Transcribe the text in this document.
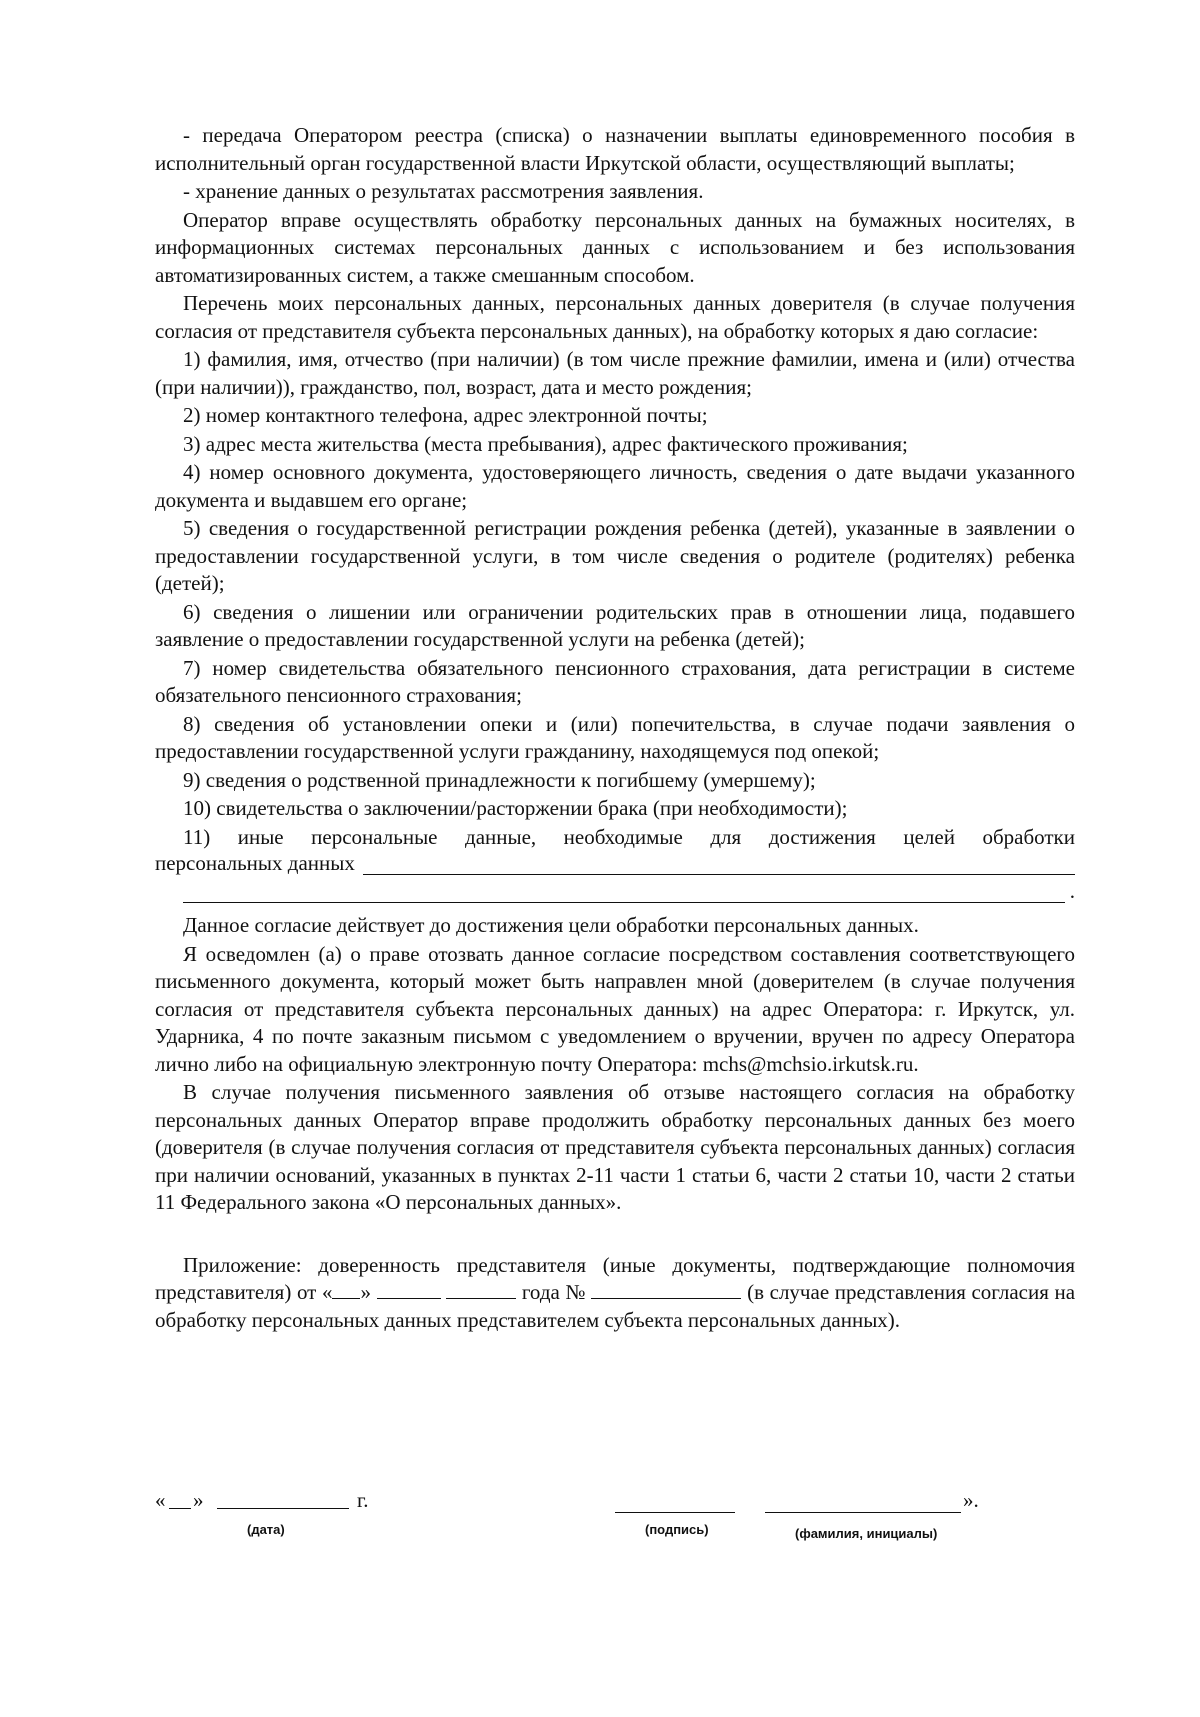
- передача Оператором реестра (списка) о назначении выплаты единовременного пособия в исполнительный орган государственной власти Иркутской области, осуществляющий выплаты;

- хранение данных о результатах рассмотрения заявления.

Оператор вправе осуществлять обработку персональных данных на бумажных носителях, в информационных системах персональных данных с использованием и без использования автоматизированных систем, а также смешанным способом.

Перечень моих персональных данных, персональных данных доверителя (в случае получения согласия от представителя субъекта персональных данных), на обработку которых я даю согласие:

1) фамилия, имя, отчество (при наличии) (в том числе прежние фамилии, имена и (или) отчества (при наличии)), гражданство, пол, возраст, дата и место рождения;

2) номер контактного телефона, адрес электронной почты;

3) адрес места жительства (места пребывания), адрес фактического проживания;

4) номер основного документа, удостоверяющего личность, сведения о дате выдачи указанного документа и выдавшем его органе;

5) сведения о государственной регистрации рождения ребенка (детей), указанные в заявлении о предоставлении государственной услуги, в том числе сведения о родителе (родителях) ребенка (детей);

6) сведения о лишении или ограничении родительских прав в отношении лица, подавшего заявление о предоставлении государственной услуги на ребенка (детей);

7) номер свидетельства обязательного пенсионного страхования, дата регистрации в системе обязательного пенсионного страхования;

8) сведения об установлении опеки и (или) попечительства, в случае подачи заявления о предоставлении государственной услуги гражданину, находящемуся под опекой;

9) сведения о родственной принадлежности к погибшему (умершему);

10) свидетельства о заключении/расторжении брака (при необходимости);

11) иные персональные данные, необходимые для достижения целей обработки

персональных данных
.

Данное согласие действует до достижения цели обработки персональных данных.

Я осведомлен (а) о праве отозвать данное согласие посредством составления соответствующего письменного документа, который может быть направлен мной (доверителем (в случае получения согласия от представителя субъекта персональных данных) на адрес Оператора: г. Иркутск, ул. Ударника, 4 по почте заказным письмом с уведомлением о вручении, вручен по адресу Оператора лично либо на официальную электронную почту Оператора: mchs@mchsio.irkutsk.ru.

В случае получения письменного заявления об отзыве настоящего согласия на обработку персональных данных Оператор вправе продолжить обработку персональных данных без моего (доверителя (в случае получения согласия от представителя субъекта персональных данных) согласия при наличии оснований, указанных в пунктах 2-11 части 1 статьи 6, части 2 статьи 10, части 2 статьи 11 Федерального закона «О персональных данных».

Приложение: доверенность представителя (иные документы, подтверждающие полномочия представителя) от « »	года №	(в случае представления согласия на обработку персональных данных представителем субъекта персональных данных).

« »	г.
(дата)	(подпись)
».
(фамилия, инициалы)
